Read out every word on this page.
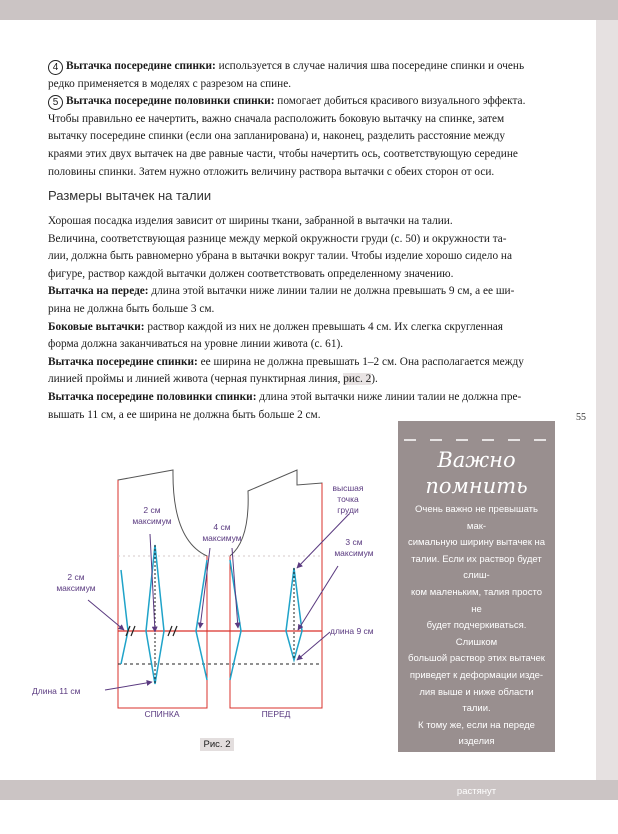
55

4 Вытачка посередине спинки: используется в случае наличия шва посередине спинки и очень
редко применяется в моделях с разрезом на спине.

5 Вытачка посередине половинки спинки: помогает добиться красивого визуального эффекта.
Чтобы правильно ее начертить, важно сначала расположить боковую вытачку на спинке, затем
вытачку посередине спинки (если она запланирована) и, наконец, разделить расстояние между
краями этих двух вытачек на две равные части, чтобы начертить ось, соответствующую середине
половины спинки. Затем нужно отложить величину раствора вытачки с обеих сторон от оси.

Размеры вытачек на талии

Хорошая посадка изделия зависит от ширины ткани, забранной в вытачки на талии.
Величина, соответствующая разнице между меркой окружности груди (с. 50) и окружности та-
лии, должна быть равномерно убрана в вытачки вокруг талии. Чтобы изделие хорошо сидело на
фигуре, раствор каждой вытачки должен соответствовать определенному значению.

Вытачка на переде: длина этой вытачки ниже линии талии не должна превышать 9 см, а ее ши-
рина не должна быть больше 3 см.

Боковые вытачки: раствор каждой из них не должен превышать 4 см. Их слегка скругленная
форма должна заканчиваться на уровне линии живота (с. 61).

Вытачка посередине спинки: ее ширина не должна превышать 1–2 см. Она располагается между
линией проймы и линией живота (черная пунктирная линия, рис. 2).

Вытачка посередине половинки спинки: длина этой вытачки ниже линии талии не должна пре-
вышать 11 см, а ее ширина не должна быть больше 2 см.

Важно
помнить
Очень важно не превышать мак-
симальную ширину вытачек на
талии. Если их раствор будет слиш-
ком маленьким, талия просто не
будет подчеркиваться. Слишком
большой раствор этих вытачек
приведет к деформации изде-
лия выше и ниже области талии.
К тому же, если на переде изделия
предусмотрена застежка, чрез-
мерно широкие вытачки растянут
ее в разные стороны и полочка
будет выглядеть некрасиво.
2 см
максимум
4 см
максимум
2 см
максимум
высшая
точка
груди
3 см
максимум
длина 9 см
Длина 11 см
СПИНКА	ПЕРЕД
Рис. 2
